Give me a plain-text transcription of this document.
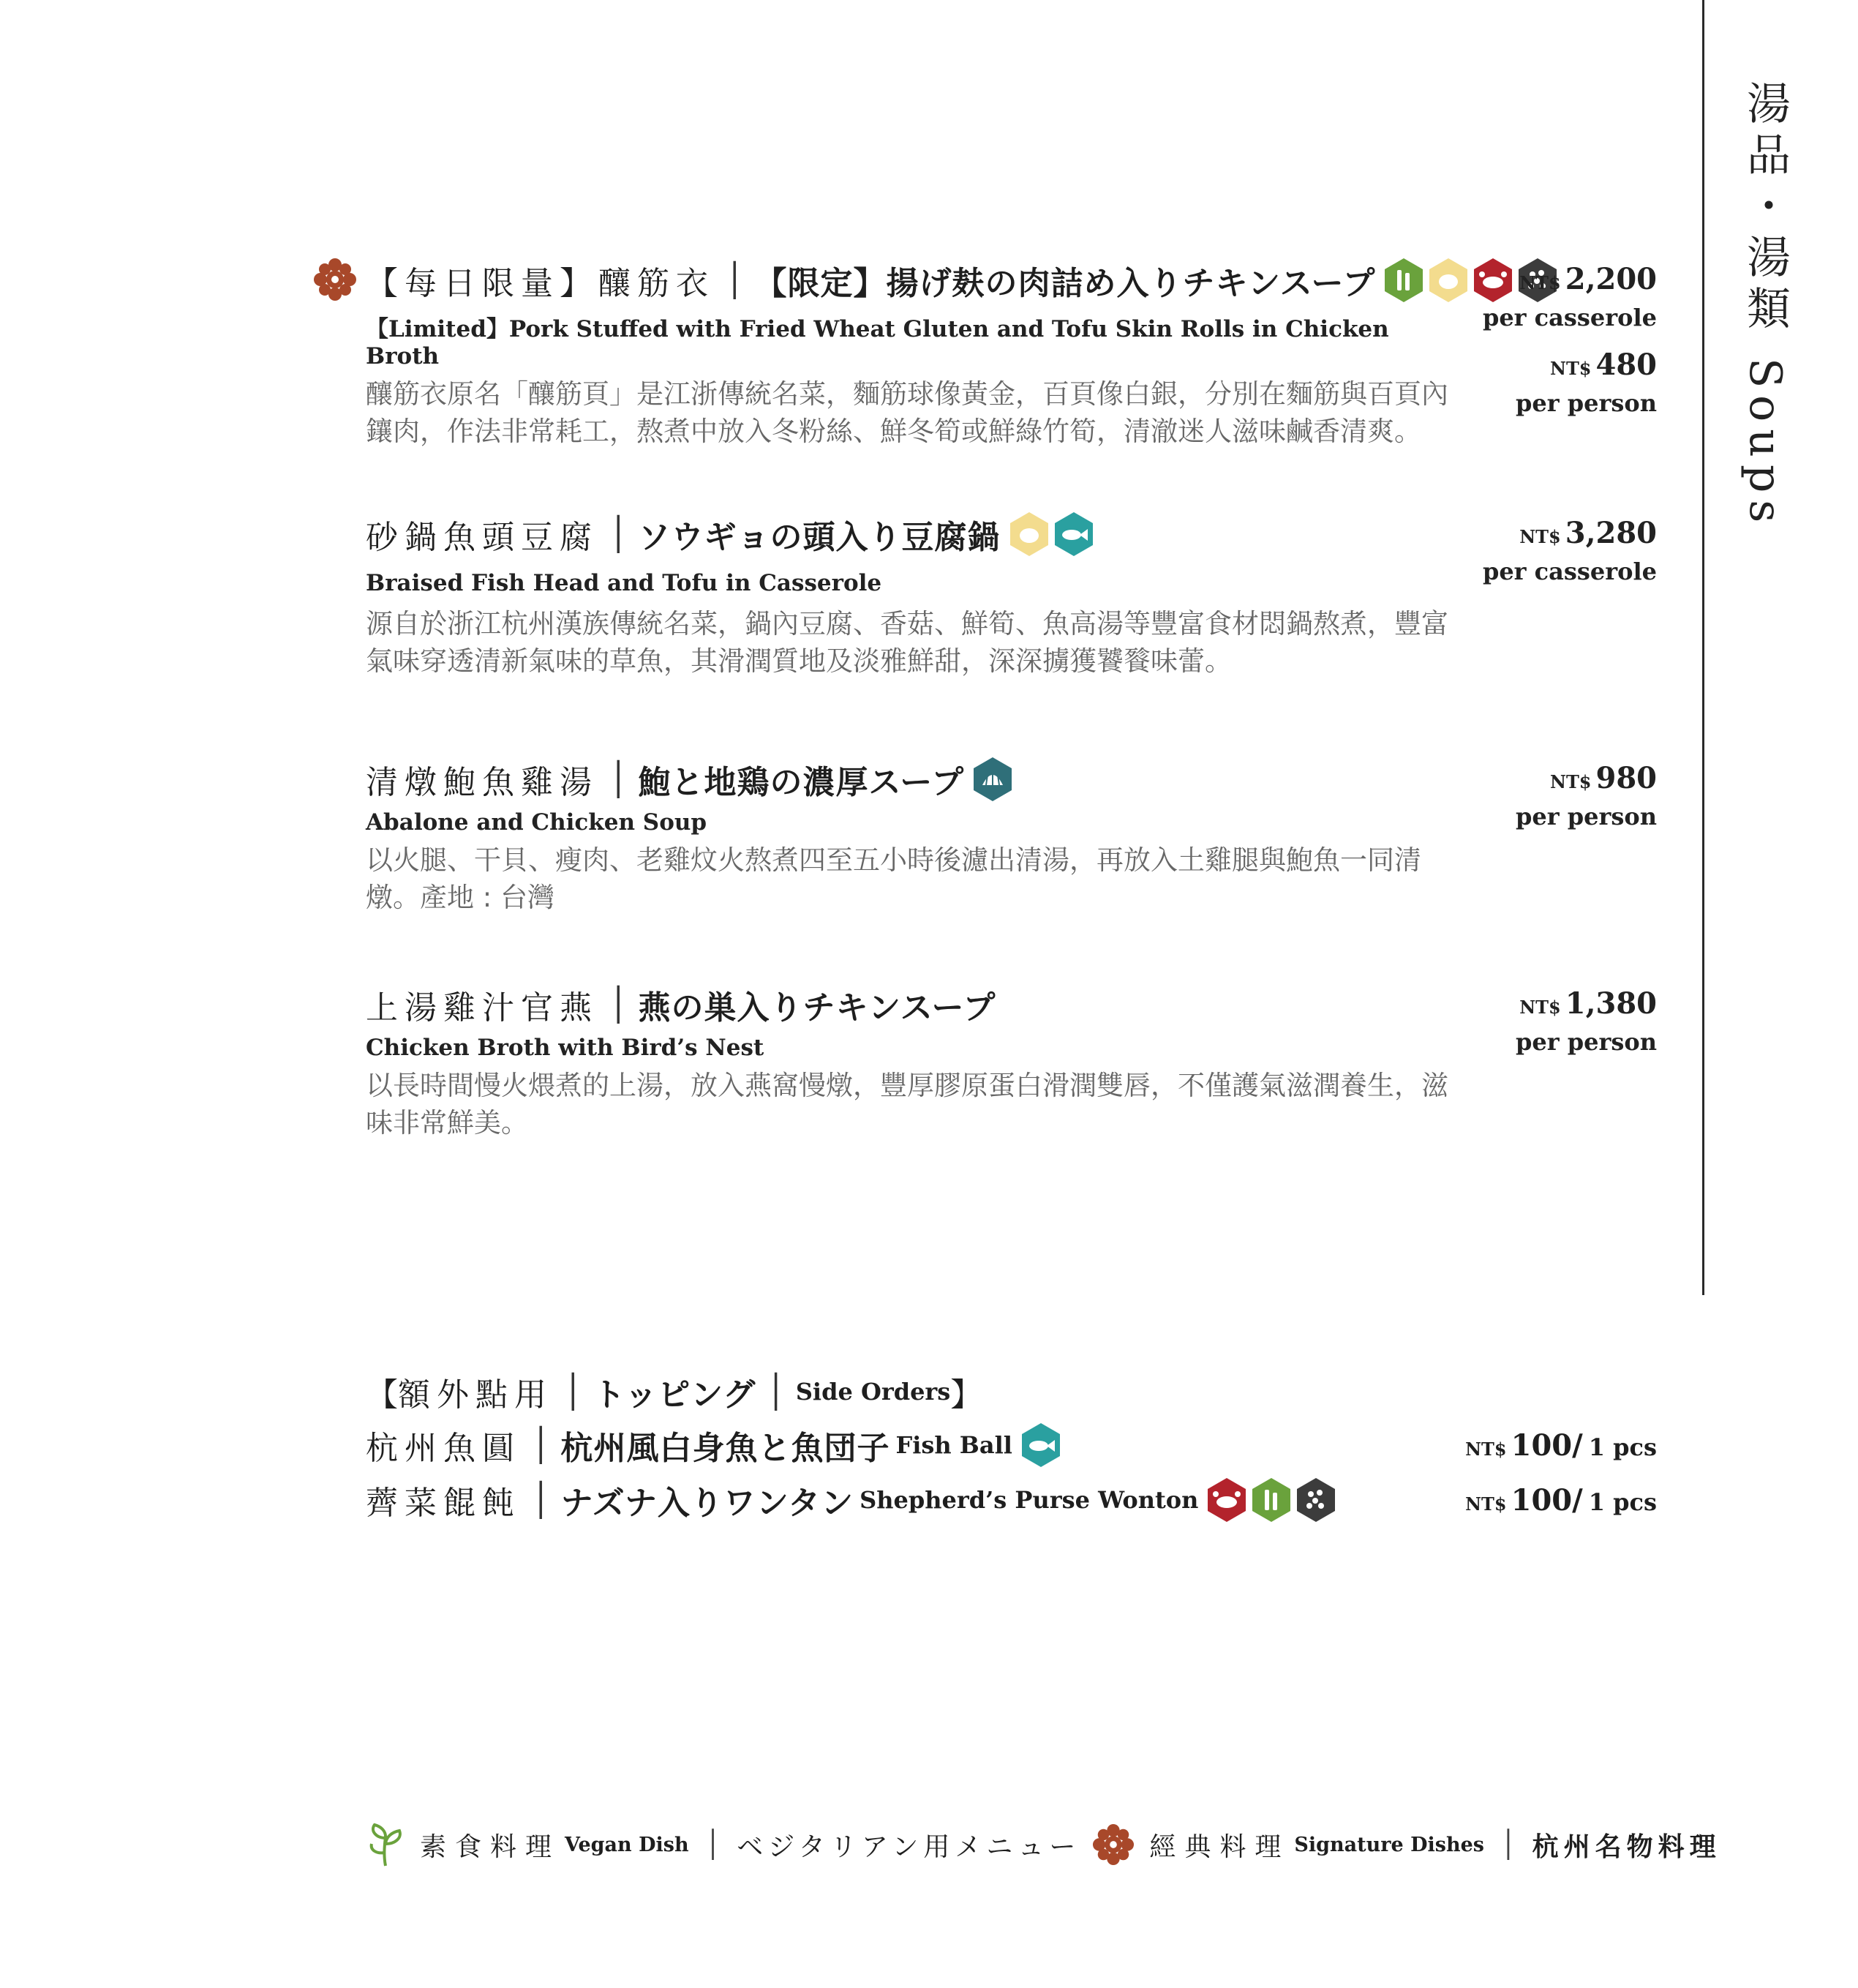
湯品・湯類 Soups
【每日限量】釀筋衣 │ 【限定】揚げ麸の肉詰め入りチキンスープ
【Limited】Pork Stuffed with Fried Wheat Gluten and Tofu Skin Rolls in Chicken Broth
釀筋衣原名「釀筋頁」是江浙傳統名菜，麵筋球像黃金，百頁像白銀，分別在麵筋與百頁內鑲肉，作法非常耗工，熬煮中放入冬粉絲、鮮冬筍或鮮綠竹筍，清澈迷人滋味鹹香清爽。
NT$ 2,200
per casserole
NT$ 480
per person
砂鍋魚頭豆腐 │ ソウギョの頭入り豆腐鍋
Braised Fish Head and Tofu in Casserole
源自於浙江杭州漢族傳統名菜，鍋內豆腐、香菇、鮮筍、魚高湯等豐富食材悶鍋熬煮，豐富氣味穿透清新氣味的草魚，其滑潤質地及淡雅鮮甜，深深擄獲饕餮味蕾。
NT$ 3,280
per casserole
清燉鮑魚雞湯 │ 鮑と地鶏の濃厚スープ
Abalone and Chicken Soup
以火腿、干貝、瘦肉、老雞炆火熬煮四至五小時後濾出清湯，再放入土雞腿與鮑魚一同清燉。產地 : 台灣
NT$ 980
per person
上湯雞汁官燕 │ 燕の巣入りチキンスープ
Chicken Broth with Bird’s Nest
以長時間慢火煨煮的上湯，放入燕窩慢燉，豐厚膠原蛋白滑潤雙唇，不僅護氣滋潤養生，滋味非常鮮美。
NT$ 1,380
per person
【 額外點用 │ トッピング │ Side Orders 】
杭州魚圓 │ 杭州風白身魚と魚団子 Fish Ball	NT$ 100/ 1 pcs
薺菜餛飩 │ ナズナ入りワンタン Shepherd’s Purse Wonton	NT$ 100/ 1 pcs
素食料理 Vegan Dish │ ベジタリアン用メニュー	經典料理 Signature Dishes │ 杭州名物料理
